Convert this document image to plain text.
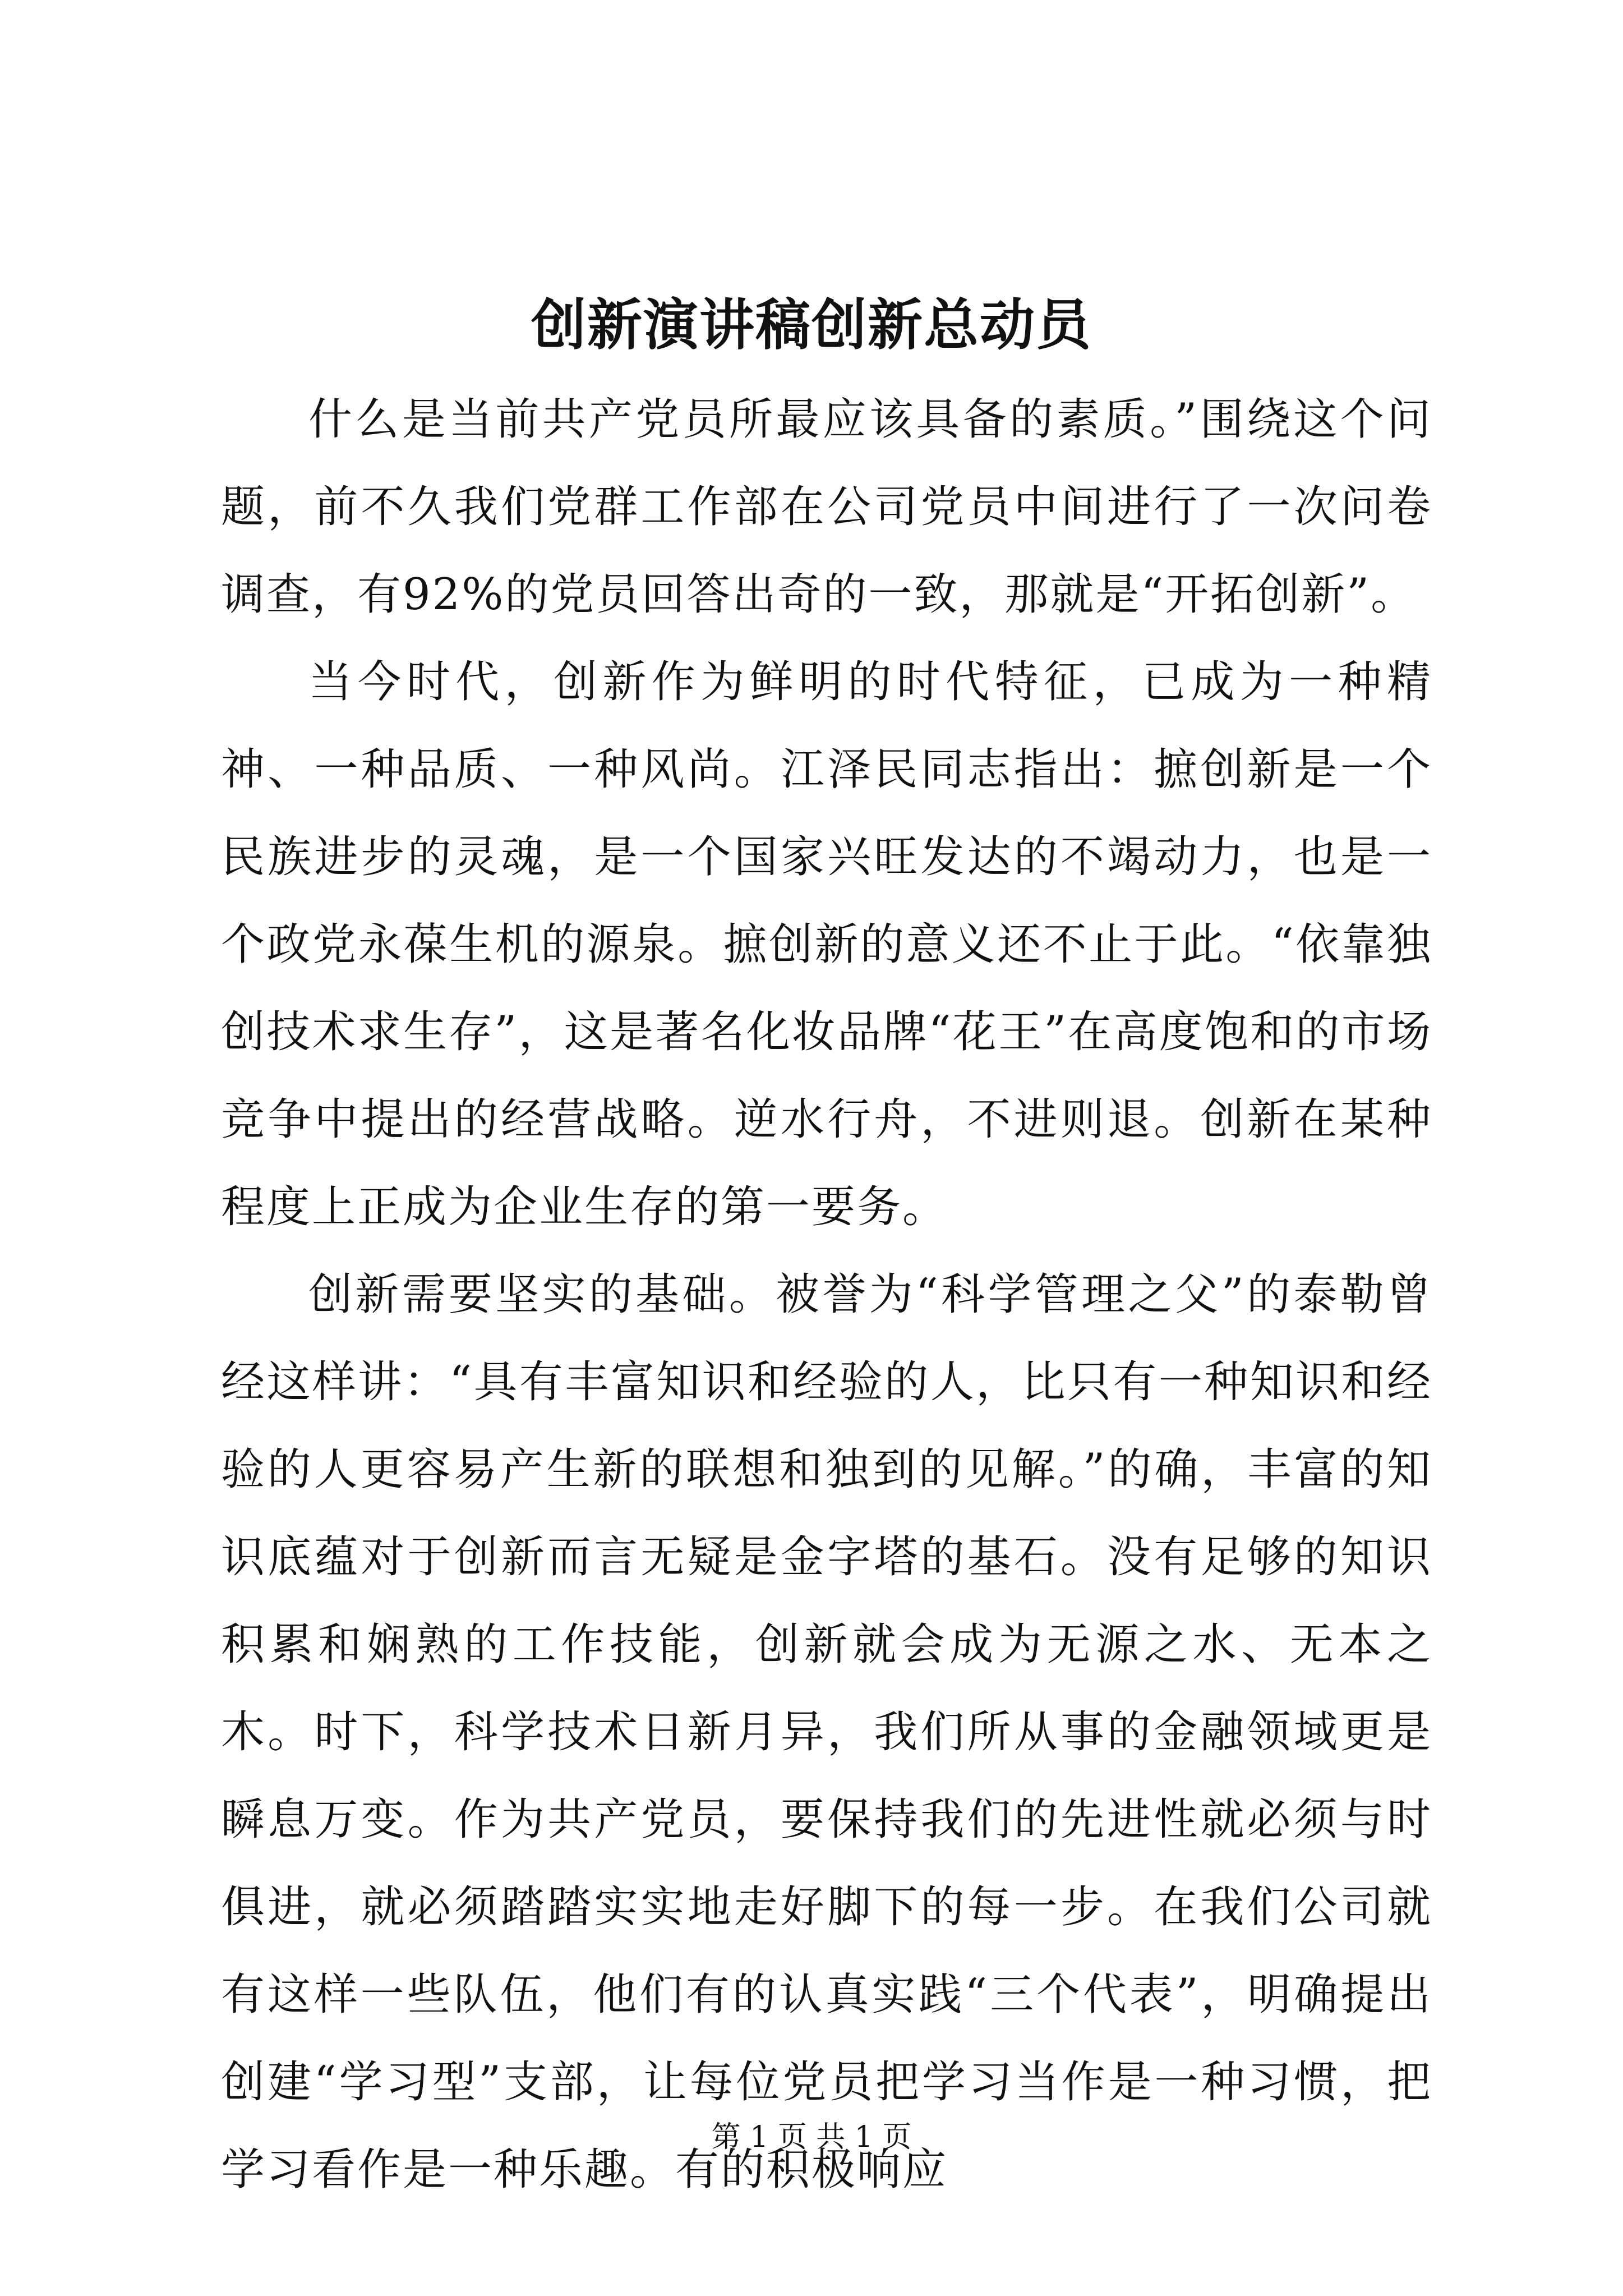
创新演讲稿创新总动员

什么是当前共产党员所最应该具备的素质。”围绕这个问题，前不久我们党群工作部在公司党员中间进行了一次问卷调查，有92%的党员回答出奇的一致，那就是“开拓创新”。

当今时代，创新作为鲜明的时代特征，已成为一种精神、一种品质、一种风尚。江泽民同志指出：摭创新是一个民族进步的灵魂，是一个国家兴旺发达的不竭动力，也是一个政党永葆生机的源泉。摭创新的意义还不止于此。“依靠独创技术求生存”，这是著名化妆品牌“花王”在高度饱和的市场竞争中提出的经营战略。逆水行舟，不进则退。创新在某种程度上正成为企业生存的第一要务。

创新需要坚实的基础。被誉为“科学管理之父”的泰勒曾经这样讲：“具有丰富知识和经验的人，比只有一种知识和经验的人更容易产生新的联想和独到的见解。”的确，丰富的知识底蕴对于创新而言无疑是金字塔的基石。没有足够的知识积累和娴熟的工作技能，创新就会成为无源之水、无本之木。时下，科学技术日新月异，我们所从事的金融领域更是瞬息万变。作为共产党员，要保持我们的先进性就必须与时俱进，就必须踏踏实实地走好脚下的每一步。在我们公司就有这样一些队伍，他们有的认真实践“三个代表”，明确提出创建“学习型”支部，让每位党员把学习当作是一种习惯，把学习看作是一种乐趣。有的积极响应

第 1 页 共 1 页
